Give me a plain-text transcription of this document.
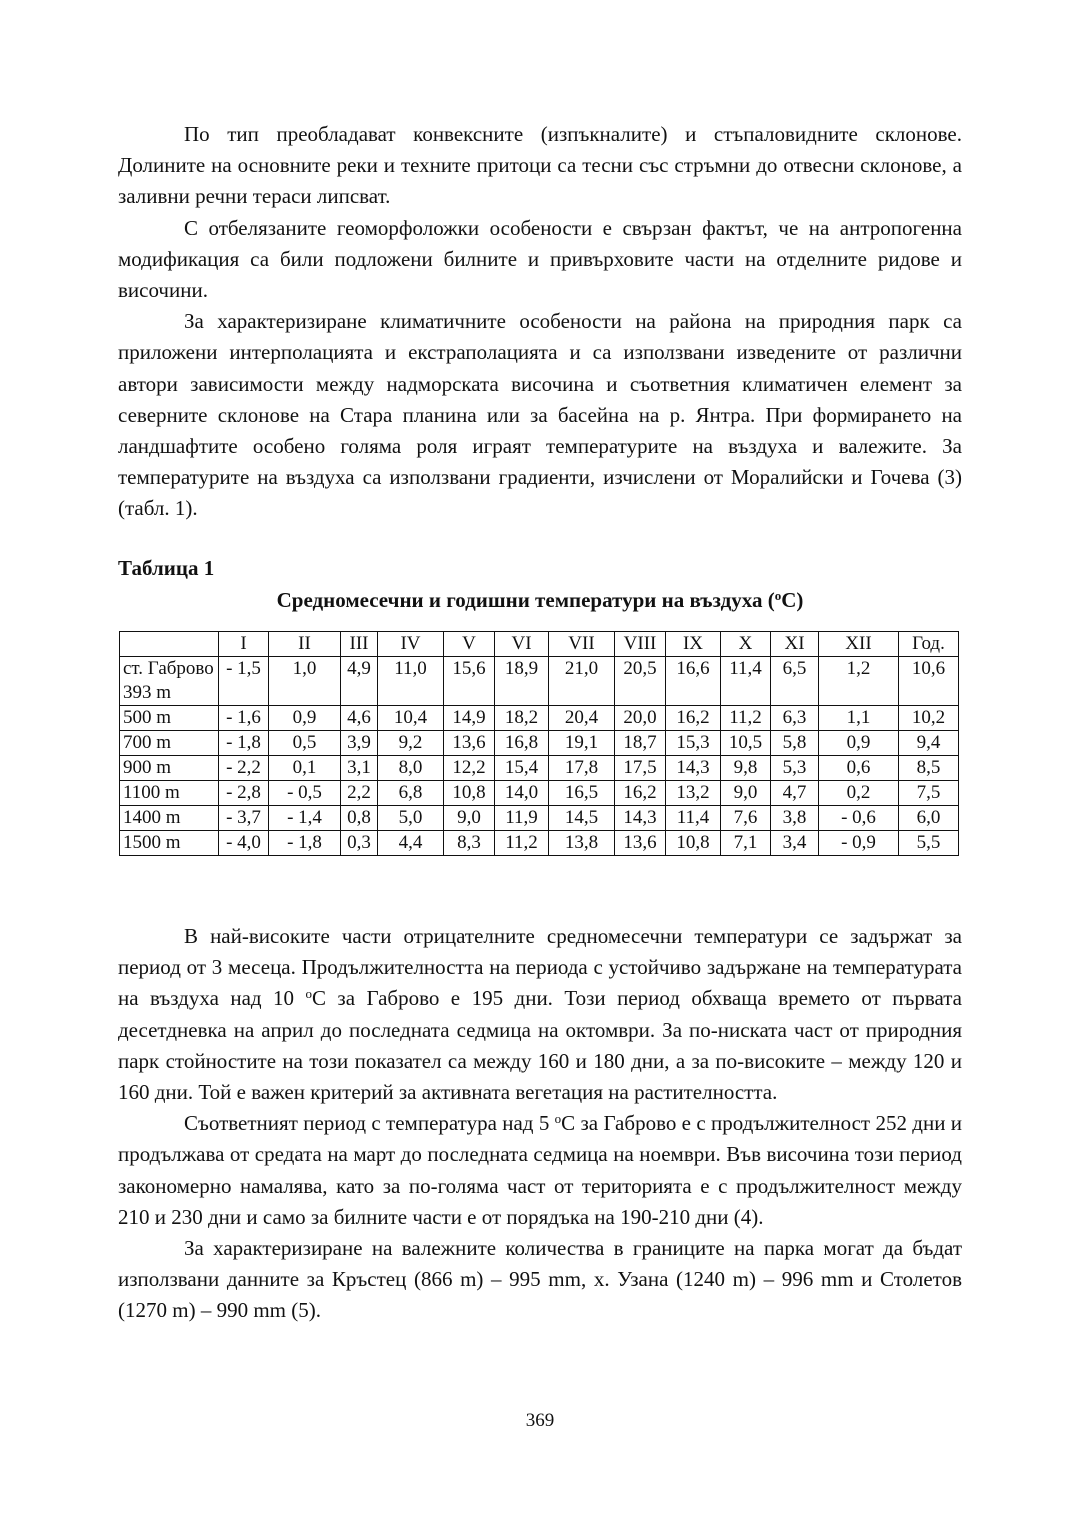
По тип преобладават конвексните (изпъкналите) и стъпаловидните склонове. Долините на основните реки и техните притоци са тесни със стръмни до отвесни склонове, а заливни речни тераси липсват.

С отбелязаните геоморфоложки особености е свързан фактът, че на антропогенна модификация са били подложени билните и привърховите части на отделните ридове и височини.

За характеризиране климатичните особености на района на природния парк са приложени интерполацията и екстраполацията и са използвани изведените от различни автори зависимости между надморската височина и съответния климатичен елемент за северните склонове на Стара планина или за басейна на р. Янтра. При формирането на ландшафтите особено голяма роля играят температурите на въздуха и валежите. За температурите на въздуха са използвани градиенти, изчислени от Моралийски и Гочева (3) (табл. 1).

Таблица 1
Средномесечни и годишни температури на въздуха ($^o$C)
	I	II	III	IV	V	VI	VII	VIII	IX	X	XI	XII	Год.
ст. Габрово 393 m	- 1,5	1,0	4,9	11,0	15,6	18,9	21,0	20,5	16,6	11,4	6,5	1,2	10,6
500 m	- 1,6	0,9	4,6	10,4	14,9	18,2	20,4	20,0	16,2	11,2	6,3	1,1	10,2
700 m	- 1,8	0,5	3,9	9,2	13,6	16,8	19,1	18,7	15,3	10,5	5,8	0,9	9,4
900 m	- 2,2	0,1	3,1	8,0	12,2	15,4	17,8	17,5	14,3	9,8	5,3	0,6	8,5
1100 m	- 2,8	- 0,5	2,2	6,8	10,8	14,0	16,5	16,2	13,2	9,0	4,7	0,2	7,5
1400 m	- 3,7	- 1,4	0,8	5,0	9,0	11,9	14,5	14,3	11,4	7,6	3,8	- 0,6	6,0
1500 m	- 4,0	- 1,8	0,3	4,4	8,3	11,2	13,8	13,6	10,8	7,1	3,4	- 0,9	5,5

В най-високите части отрицателните средномесечни температури се задържат за период от 3 месеца. Продължителността на периода с устойчиво задържане на температурата на въздуха над 10 $^o$C за Габрово е 195 дни. Този период обхваща времето от първата десетдневка на април до последната седмица на октомври. За по-ниската част от природния парк стойностите на този показател са между 160 и 180 дни, а за по-високите – между 120 и 160 дни. Той е важен критерий за активната вегетация на растителността.

Съответният период с температура над 5 $^o$C за Габрово е с продължителност 252 дни и продължава от средата на март до последната седмица на ноември. Във височина този период закономерно намалява, като за по-голяма част от територията е с продължителност между 210 и 230 дни и само за билните части е от порядъка на 190-210 дни (4).

За характеризиране на валежните количества в границите на парка могат да бъдат използвани данните за Кръстец (866 m) – 995 mm, х. Узана (1240 m) – 996 mm и Столетов (1270 m) – 990 mm (5).

369
